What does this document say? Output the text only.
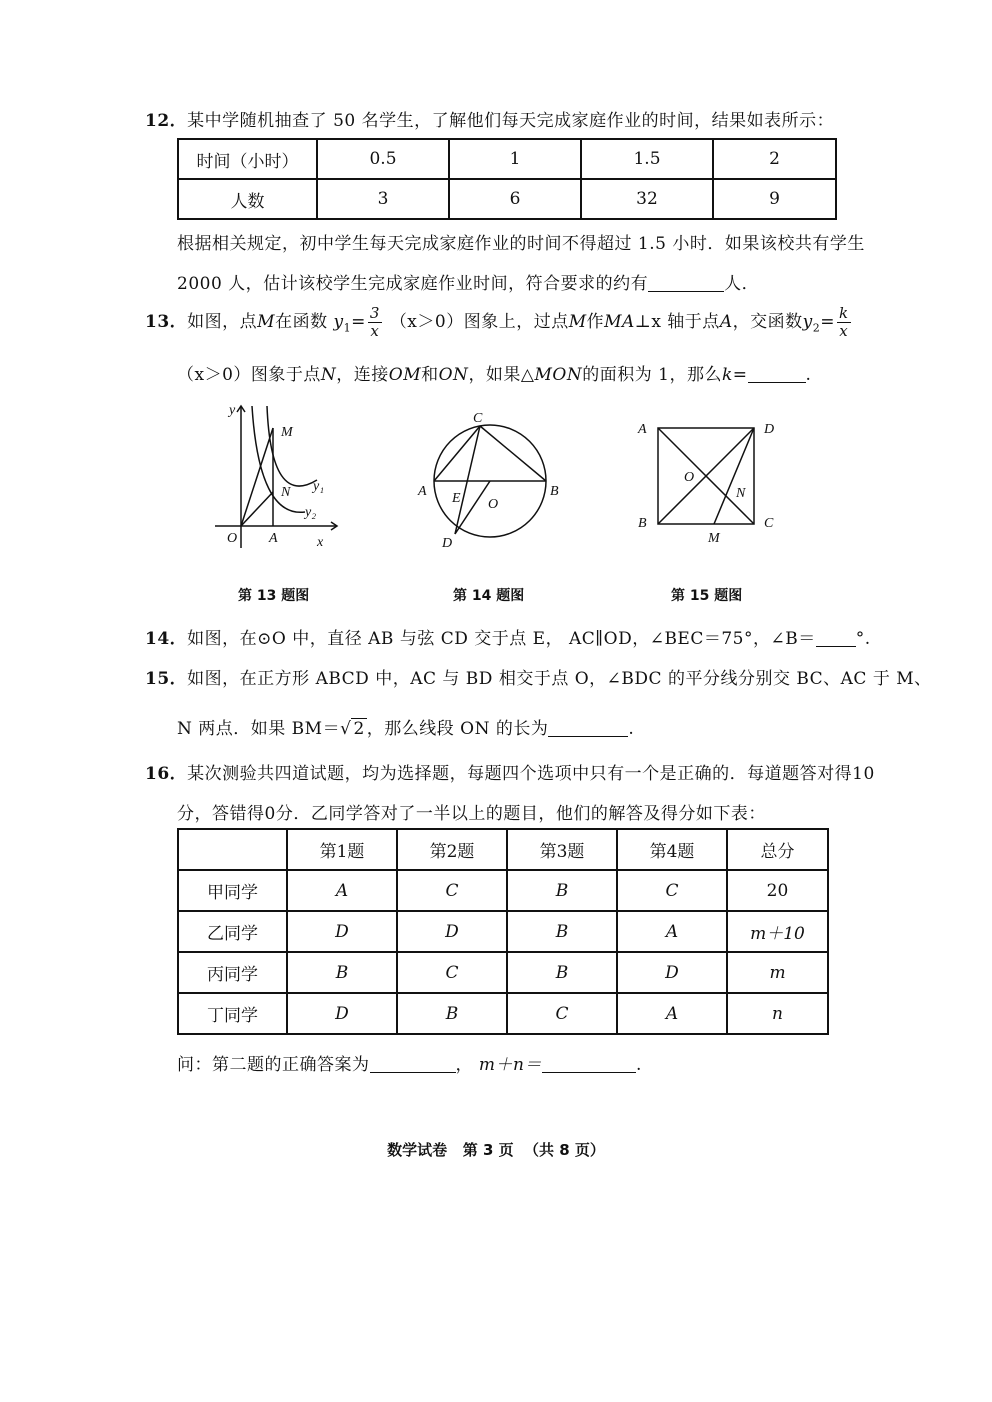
12．某中学随机抽查了 50 名学生，了解他们每天完成家庭作业的时间，结果如表所示：
时间（小时）	0.5	1	1.5	2
人数	3	6	32	9
根据相关规定，初中学生每天完成家庭作业的时间不得超过 1.5 小时．如果该校共有学生
2000 人，估计该校学生完成家庭作业时间，符合要求的约有	人．
13．如图，点M在函数 $y_1= \frac{3}{x} (x>0)$图象上，过点M作MA⊥x 轴于点A，交函数$y_2= \frac{k}{x}$
（x＞0）图象于点N，连接OM和ON，如果△MON的面积为 1，那么k=	.
y
M
N y₁
y₂
O A	x
第 13 题图
C
A	B
E O
D
第 14 题图
A	D
O
N
B	C
M
第 15 题图
14．如图，在⊙O 中，直径 AB 与弦 CD 交于点 E， AC∥OD，∠BEC＝75°，∠B＝ °.
15．如图，在正方形 ABCD 中，AC 与 BD 相交于点 O，∠BDC 的平分线分别交 BC、AC 于 M、
N 两点．如果 BM＝√ 2 ，那么线段 ON 的长为	.
16．某次测验共四道试题，均为选择题，每题四个选项中只有一个是正确的．每道题答对得10
分，答错得0分．乙同学答对了一半以上的题目，他们的解答及得分如下表：
	第1题	第2题	第3题	第4题	总分
甲同学	A	C	B	C	20
乙同学	D	D	B	A	m＋10
丙同学	B	C	B	D	m
丁同学	D	B	C	A	n
问：第二题的正确答案为	， m＋n＝	.
数学试卷   第 3 页  （共 8 页）
